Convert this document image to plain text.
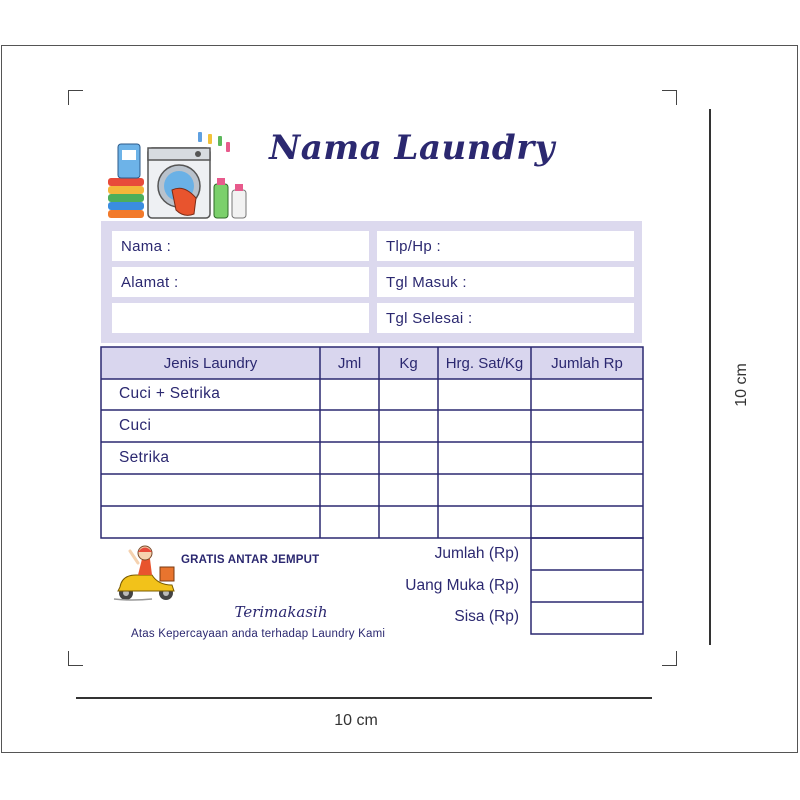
10 cm
10 cm
Nama Laundry
Nama :
Alamat :
Tlp/Hp :
Tgl Masuk :
Tgl Selesai :
Jenis Laundry	Jml	Kg	Hrg. Sat/Kg	Jumlah Rp
Cuci + Setrika
Cuci
Setrika
Jumlah (Rp)
Uang Muka (Rp)
Sisa (Rp)
GRATIS ANTAR JEMPUT
Terimakasih
Atas Kepercayaan anda terhadap Laundry Kami
